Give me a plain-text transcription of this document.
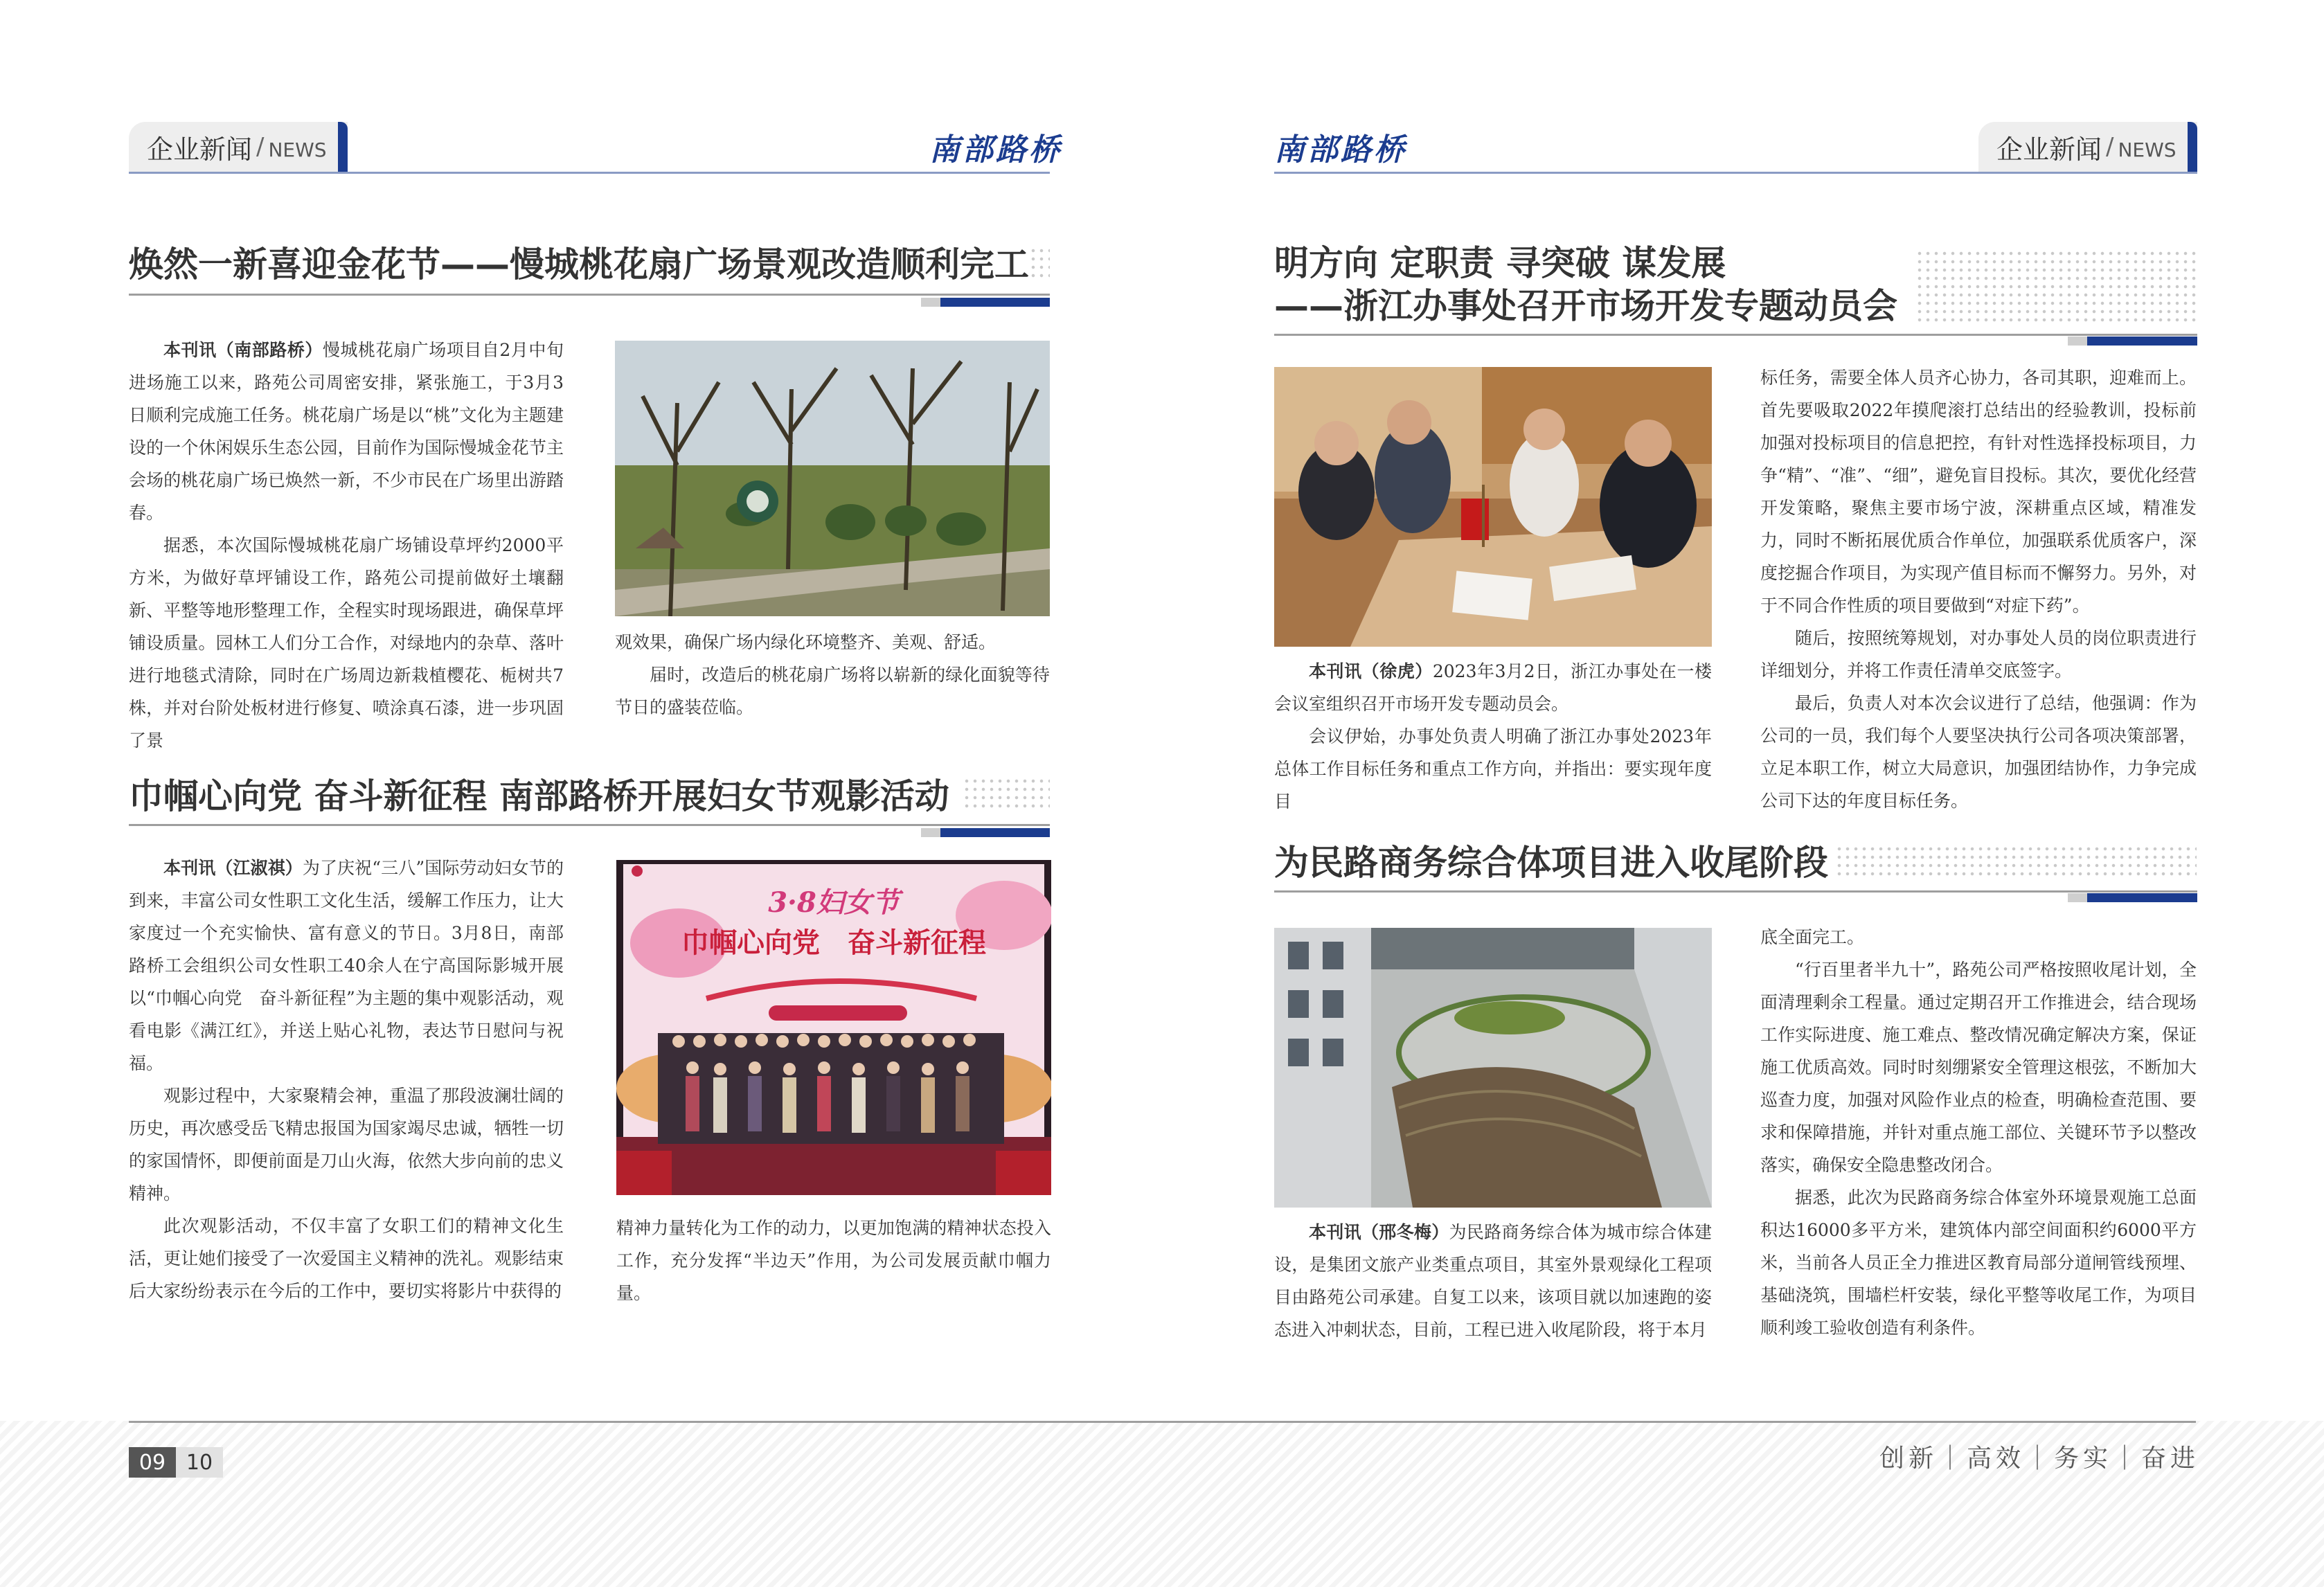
企业新闻 / NEWS	南部路桥	南部路桥	企业新闻 / NEWS
焕然一新喜迎金花节——慢城桃花扇广场景观改造顺利完工

本刊讯（南部路桥）慢城桃花扇广场项目自2月中旬进场施工以来，路苑公司周密安排，紧张施工，于3月3日顺利完成施工任务。桃花扇广场是以“桃”文化为主题建设的一个休闲娱乐生态公园，目前作为国际慢城金花节主会场的桃花扇广场已焕然一新，不少市民在广场里出游踏春。

据悉，本次国际慢城桃花扇广场铺设草坪约2000平方米，为做好草坪铺设工作，路苑公司提前做好土壤翻新、平整等地形整理工作，全程实时现场跟进，确保草坪铺设质量。园林工人们分工合作，对绿地内的杂草、落叶进行地毯式清除，同时在广场周边新栽植樱花、栀树共7株，并对台阶处板材进行修复、喷涂真石漆，进一步巩固了景

观效果，确保广场内绿化环境整齐、美观、舒适。

届时，改造后的桃花扇广场将以崭新的绿化面貌等待节日的盛装莅临。

巾帼心向党 奋斗新征程 南部路桥开展妇女节观影活动

本刊讯（江淑祺）为了庆祝“三八”国际劳动妇女节的到来，丰富公司女性职工文化生活，缓解工作压力，让大家度过一个充实愉快、富有意义的节日。3月8日，南部路桥工会组织公司女性职工40余人在宁高国际影城开展以“巾帼心向党　奋斗新征程”为主题的集中观影活动，观看电影《满江红》，并送上贴心礼物，表达节日慰问与祝福。

观影过程中，大家聚精会神，重温了那段波澜壮阔的历史，再次感受岳飞精忠报国为国家竭尽忠诚，牺牲一切的家国情怀，即便前面是刀山火海，依然大步向前的忠义精神。

此次观影活动，不仅丰富了女职工们的精神文化生活，更让她们接受了一次爱国主义精神的洗礼。观影结束后大家纷纷表示在今后的工作中，要切实将影片中获得的

3·8妇女节
巾帼心向党　奋斗新征程

精神力量转化为工作的动力，以更加饱满的精神状态投入工作，充分发挥“半边天”作用，为公司发展贡献巾帼力量。

明方向 定职责 寻突破 谋发展
——浙江办事处召开市场开发专题动员会

本刊讯（徐虎）2023年3月2日，浙江办事处在一楼会议室组织召开市场开发专题动员会。

会议伊始，办事处负责人明确了浙江办事处2023年总体工作目标任务和重点工作方向，并指出：要实现年度目

标任务，需要全体人员齐心协力，各司其职，迎难而上。首先要吸取2022年摸爬滚打总结出的经验教训，投标前加强对投标项目的信息把控，有针对性选择投标项目，力争“精”、“准”、“细”，避免盲目投标。其次，要优化经营开发策略，聚焦主要市场宁波，深耕重点区域，精准发力，同时不断拓展优质合作单位，加强联系优质客户，深度挖掘合作项目，为实现产值目标而不懈努力。另外，对于不同合作性质的项目要做到“对症下药”。

随后，按照统筹规划，对办事处人员的岗位职责进行详细划分，并将工作责任清单交底签字。

最后，负责人对本次会议进行了总结，他强调：作为公司的一员，我们每个人要坚决执行公司各项决策部署，立足本职工作，树立大局意识，加强团结协作，力争完成公司下达的年度目标任务。

为民路商务综合体项目进入收尾阶段

本刊讯（邢冬梅）为民路商务综合体为城市综合体建设，是集团文旅产业类重点项目，其室外景观绿化工程项目由路苑公司承建。自复工以来，该项目就以加速跑的姿态进入冲刺状态，目前，工程已进入收尾阶段，将于本月

底全面完工。

“行百里者半九十”，路苑公司严格按照收尾计划，全面清理剩余工程量。通过定期召开工作推进会，结合现场工作实际进度、施工难点、整改情况确定解决方案，保证施工优质高效。同时时刻绷紧安全管理这根弦，不断加大巡查力度，加强对风险作业点的检查，明确检查范围、要求和保障措施，并针对重点施工部位、关键环节予以整改落实，确保安全隐患整改闭合。

据悉，此次为民路商务综合体室外环境景观施工总面积达16000多平方米，建筑体内部空间面积约6000平方米，当前各人员正全力推进区教育局部分道闸管线预埋、基础浇筑，围墙栏杆安装，绿化平整等收尾工作，为项目顺利竣工验收创造有利条件。

09 10	创新｜高效｜务实｜奋进
